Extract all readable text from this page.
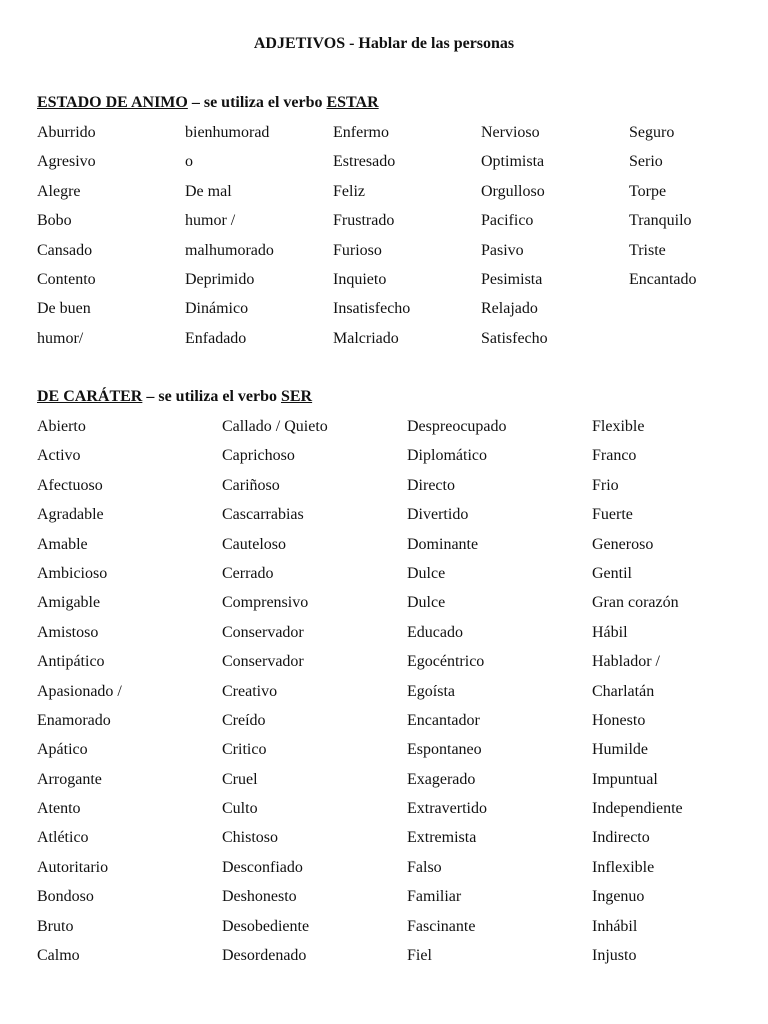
ADJETIVOS - Hablar de las personas
ESTADO DE ANIMO – se utiliza el verbo ESTAR
Aburrido
Agresivo
Alegre
Bobo
Cansado
Contento
De buen
humor/
bienhumorad
o
De mal
humor /
malhumorado
Deprimido
Dinámico
Enfadado
Enfermo
Estresado
Feliz
Frustrado
Furioso
Inquieto
Insatisfecho
Malcriado
Nervioso
Optimista
Orgulloso
Pacifico
Pasivo
Pesimista
Relajado
Satisfecho
Seguro
Serio
Torpe
Tranquilo
Triste
Encantado
DE CARÁTER – se utiliza el verbo SER
Abierto
Activo
Afectuoso
Agradable
Amable
Ambicioso
Amigable
Amistoso
Antipático
Apasionado /
Enamorado
Apático
Arrogante
Atento
Atlético
Autoritario
Bondoso
Bruto
Calmo
Callado / Quieto
Caprichoso
Cariñoso
Cascarrabias
Cauteloso
Cerrado
Comprensivo
Conservador
Conservador
Creativo
Creído
Critico
Cruel
Culto
Chistoso
Desconfiado
Deshonesto
Desobediente
Desordenado
Despreocupado
Diplomático
Directo
Divertido
Dominante
Dulce
Dulce
Educado
Egocéntrico
Egoísta
Encantador
Espontaneo
Exagerado
Extravertido
Extremista
Falso
Familiar
Fascinante
Fiel
Flexible
Franco
Frio
Fuerte
Generoso
Gentil
Gran corazón
Hábil
Hablador /
Charlatán
Honesto
Humilde
Impuntual
Independiente
Indirecto
Inflexible
Ingenuo
Inhábil
Injusto
